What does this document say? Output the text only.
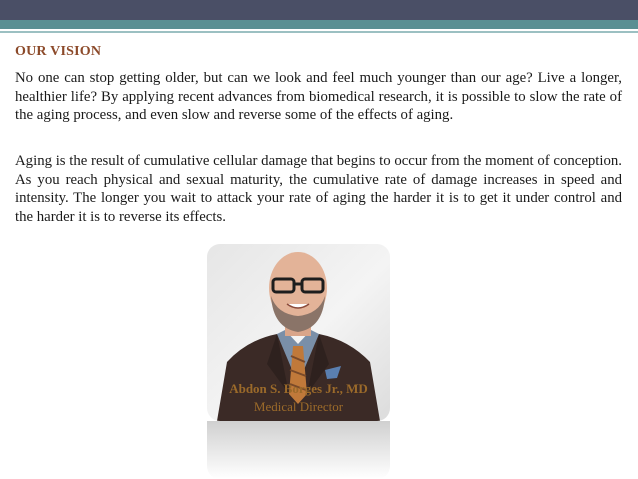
OUR VISION
No one can stop getting older, but can we look and feel much younger than our age? Live a longer, healthier life? By applying recent advances from biomedical research, it is possible to slow the rate of the aging process, and even slow and reverse some of the effects of aging.
Aging is the result of cumulative cellular damage that begins to occur from the moment of conception. As you reach physical and sexual maturity, the cumulative rate of damage increases in speed and intensity. The longer you wait to attack your rate of aging the harder it is to get it under control and the harder it is to reverse its effects.
Abdon S. Borges Jr., MD
Medical Director
